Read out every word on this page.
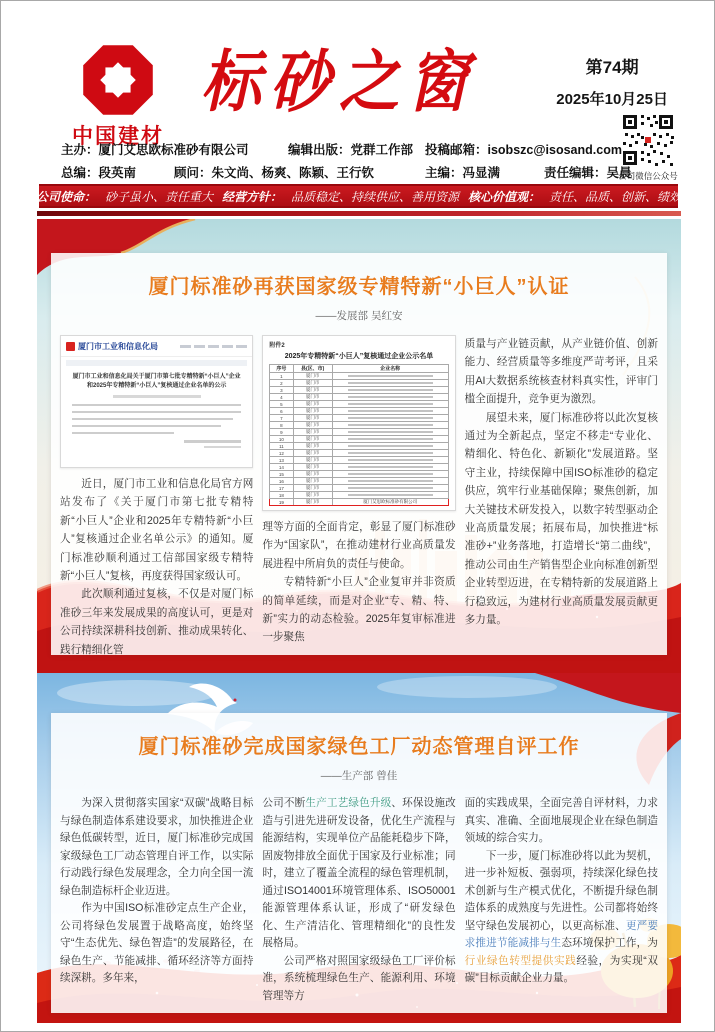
中国建材
标砂之窗	第74期
2025年10月25日
公司微信公众号
主办：厦门艾思欧标准砂有限公司	编辑出版：党群工作部 投稿邮箱：isobszc@isosand.com
总编：段英南	顾问：朱文尚、杨爽、陈颖、王行钦	主编：冯显满	责任编辑：吴晨
公司使命： 砂子虽小、责任重大 经营方针： 品质稳定、持续供应、善用资源 核心价值观： 责任、品质、创新、绩效
厦门标准砂再获国家级专精特新“小巨人”认证
——发展部 吴红安
厦门市工业和信息化局
厦门市工业和信息化局关于厦门市第七批专精特新“小巨人”企业和2025年专精特新“小巨人”复核通过企业名单的公示

近日，厦门市工业和信息化局官方网站发布了《关于厦门市第七批专精特新“小巨人”企业和2025年专精特新“小巨人”复核通过企业名单公示》的通知。厦门标准砂顺利通过工信部国家级专精特新“小巨人”复核，再度获得国家级认可。

此次顺利通过复核，不仅是对厦门标准砂三年来发展成果的高度认可，更是对公司持续深耕科技创新、推动成果转化、践行精细化管

附件2
2025年专精特新“小巨人”复核通过企业公示名单
序号	县(区、市)	企业名称
1	厦门市	

2	厦门市	

3	厦门市	

4	厦门市	

5	厦门市	

6	厦门市	

7	厦门市	

8	厦门市	

9	厦门市	

10	厦门市	

11	厦门市	

12	厦门市	

13	厦门市	

14	厦门市	

15	厦门市	

16	厦门市	

17	厦门市	

18	厦门市	

19	厦门市	厦门艾思欧标准砂有限公司

理等方面的全面肯定，彰显了厦门标准砂作为“国家队”，在推动建材行业高质量发展进程中所肩负的责任与使命。

专精特新“小巨人”企业复审并非资质的简单延续，而是对企业“专、精、特、新”实力的动态检验。2025年复审标准进一步聚焦

质量与产业链贡献，从产业链价值、创新能力、经营质量等多维度严苛考评，且采用AI大数据系统核查材料真实性，评审门槛全面提升，竞争更为激烈。

展望未来，厦门标准砂将以此次复核通过为全新起点，坚定不移走“专业化、精细化、特色化、新颖化”发展道路。坚守主业，持续保障中国ISO标准砂的稳定供应，筑牢行业基础保障；聚焦创新，加大关键技术研发投入，以数字转型驱动企业高质量发展；拓展布局，加快推进“标准砂+”业务落地，打造增长“第二曲线”，推动公司由生产销售型企业向标准创新型企业转型迈进，在专精特新的发展道路上行稳致远，为建材行业高质量发展贡献更多力量。

厦门标准砂完成国家绿色工厂动态管理自评工作
——生产部 曾佳

为深入贯彻落实国家“双碳”战略目标与绿色制造体系建设要求，加快推进企业绿色低碳转型，近日，厦门标准砂完成国家级绿色工厂动态管理自评工作，以实际行动践行绿色发展理念，全力向全国一流绿色制造标杆企业迈进。

作为中国ISO标准砂定点生产企业，公司将绿色发展置于战略高度，始终坚守“生态优先、绿色智造”的发展路径，在绿色生产、节能减排、循环经济等方面持续深耕。多年来，

公司不断生产工艺绿色升级、环保设施改造与引进先进研发设备，优化生产流程与能源结构，实现单位产品能耗稳步下降，固废物排放全面优于国家及行业标准；同时，建立了覆盖全流程的绿色管理机制，通过ISO14001环境管理体系、ISO50001能源管理体系认证，形成了“研发绿色化、生产清洁化、管理精细化”的良性发展格局。

公司严格对照国家级绿色工厂评价标准，系统梳理绿色生产、能源利用、环境管理等方

面的实践成果，全面完善自评材料，力求真实、准确、全面地展现企业在绿色制造领域的综合实力。

下一步，厦门标准砂将以此为契机，进一步补短板、强弱项，持续深化绿色技术创新与生产模式优化，不断提升绿色制造体系的成熟度与先进性。公司都将始终坚守绿色发展初心，以更高标准、更严要求推进节能减排与生态环境保护工作，为行业绿色转型提供实践经验，为实现“双碳”目标贡献企业力量。
